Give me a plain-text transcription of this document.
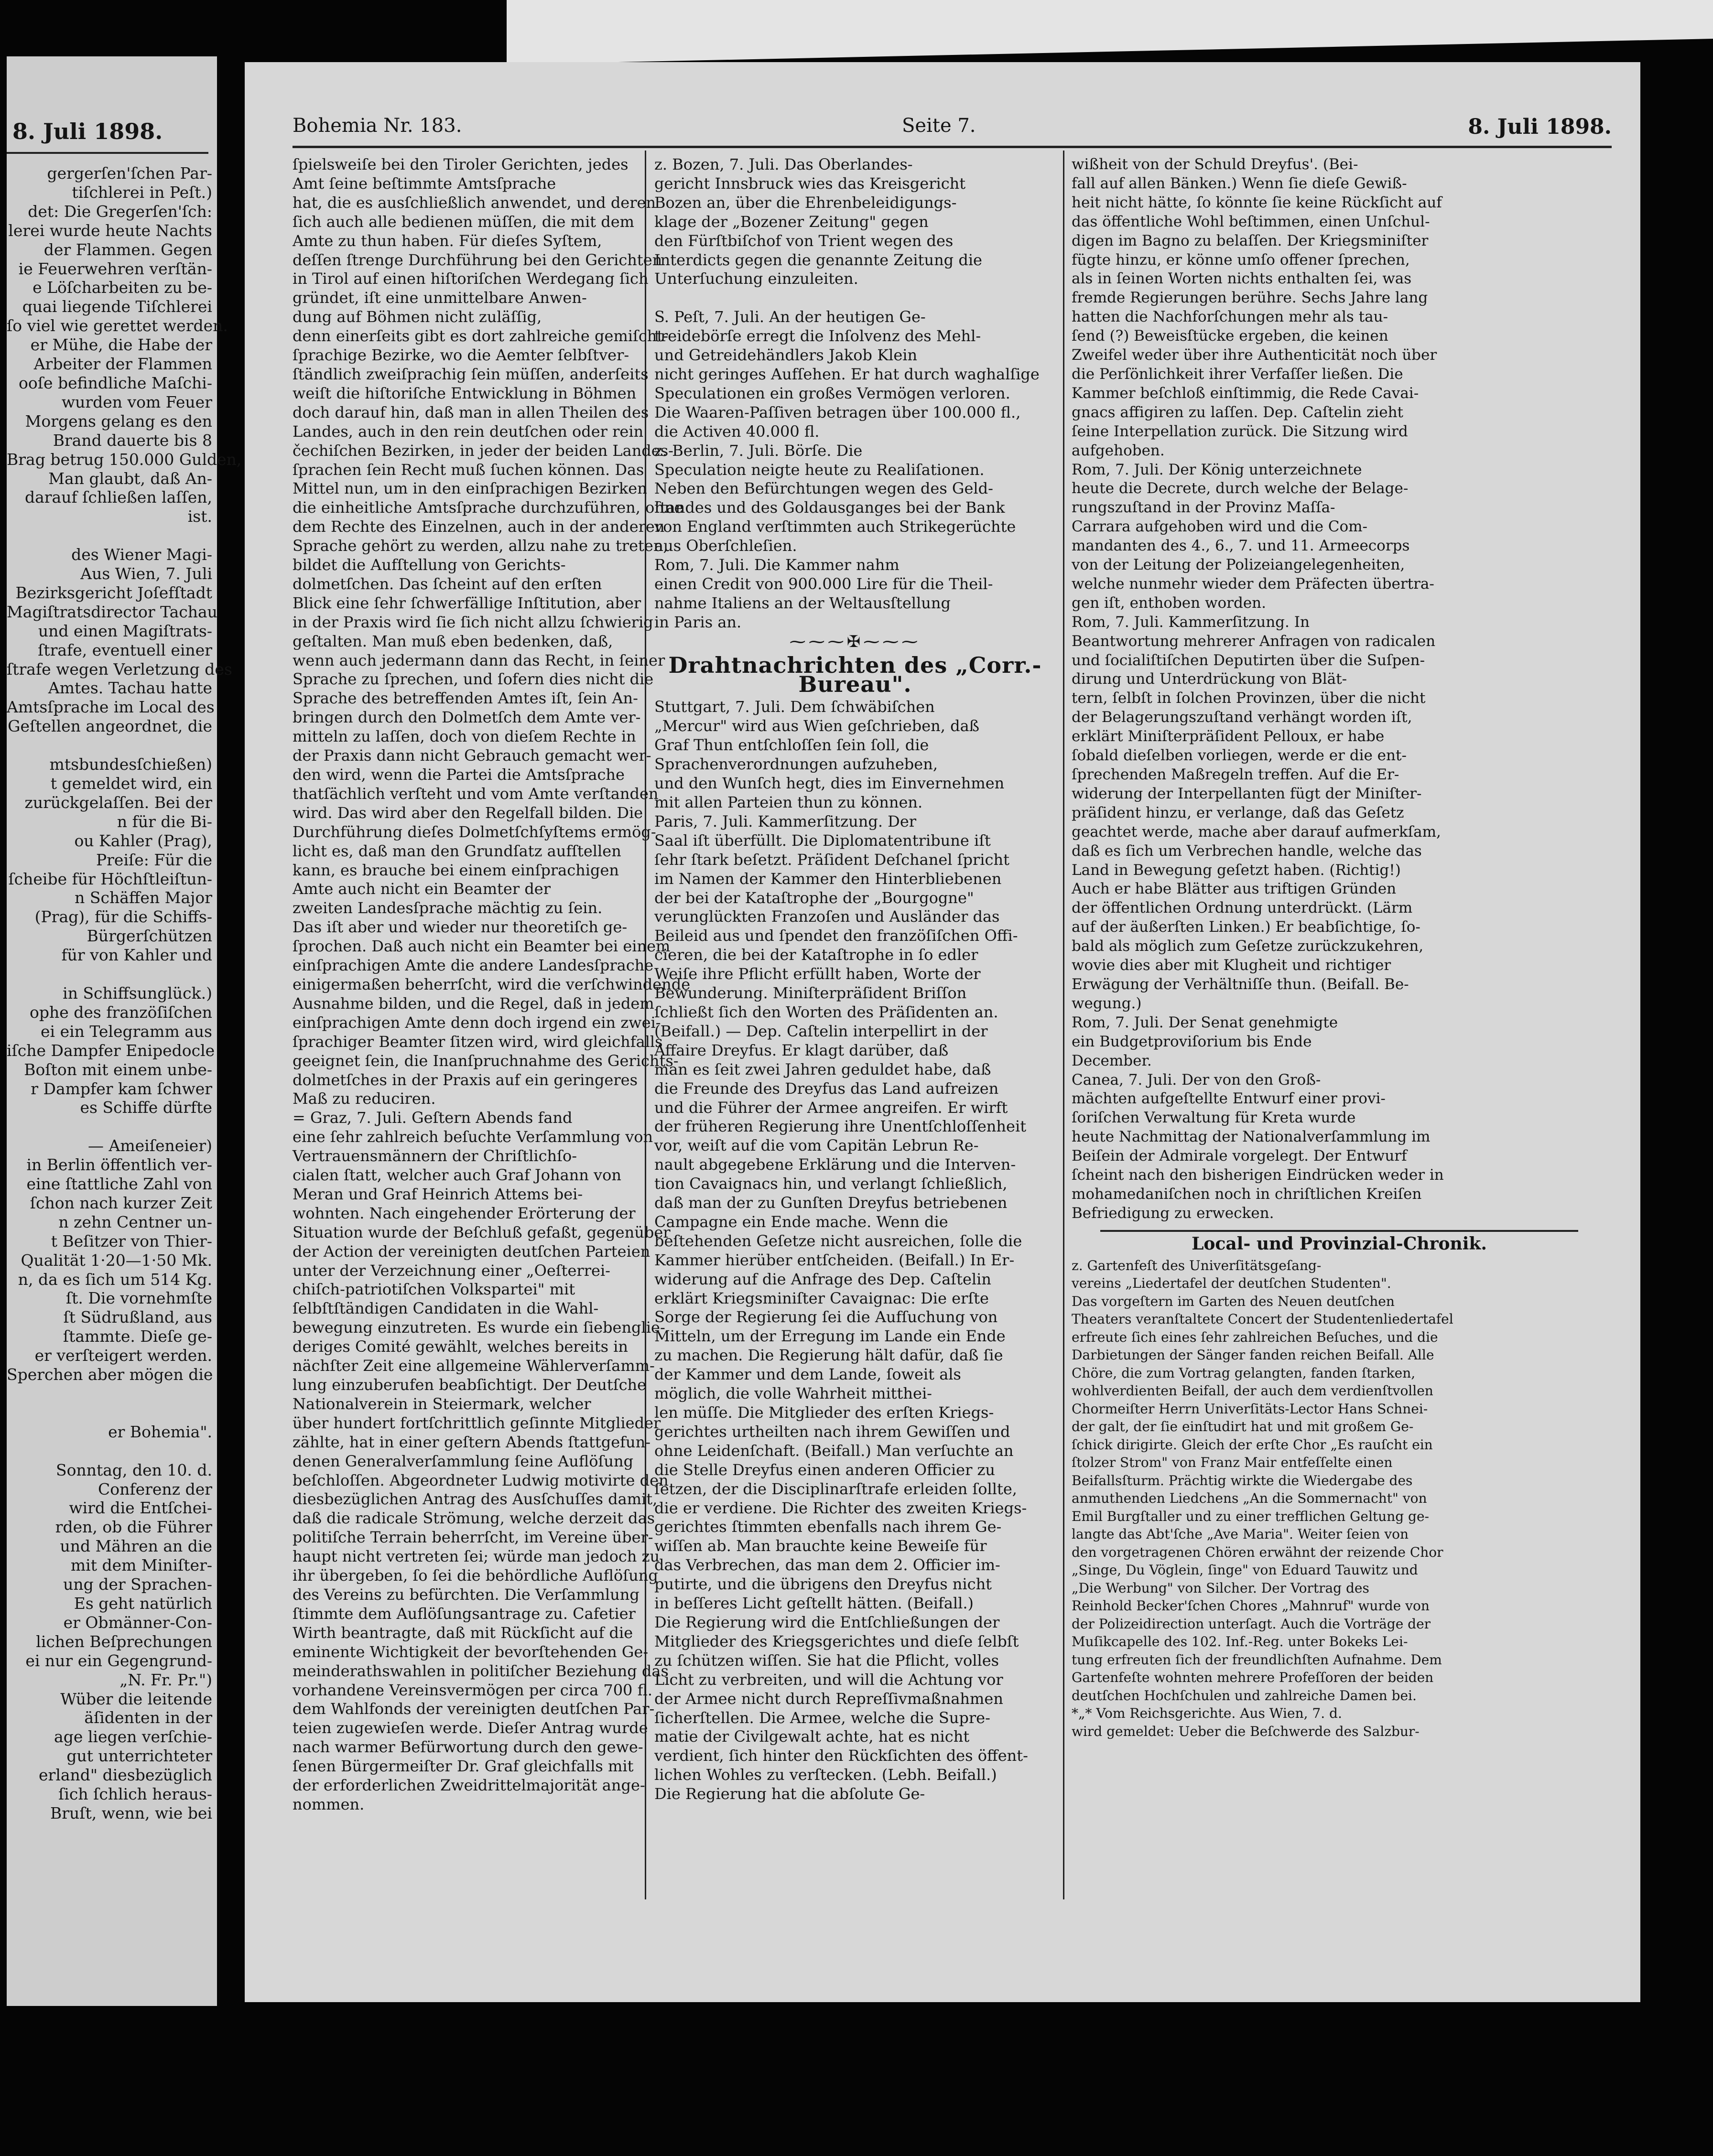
8. Juli 1898.
gergerſen'ſchen Par-
tiſchlerei in Peſt.)
det: Die Gregerſen'ſch:
lerei wurde heute Nachts
der Flammen. Gegen
ie Feuerwehren verſtän-
e Löſcharbeiten zu be-
quai liegende Tiſchlerei
ſo viel wie gerettet werden.
er Mühe, die Habe der
Arbeiter der Flammen
ooſe befindliche Maſchi-
wurden vom Feuer
Morgens gelang es den
Brand dauerte bis 8
Brag betrug 150.000 Gulden,
Man glaubt, daß An-
darauf ſchließen laſſen,
ist.

des Wiener Magi-
Aus Wien, 7. Juli
Bezirksgericht Joſefſtadt
Magiſtratsdirector Tachau
und einen Magiſtrats-
ſtrafe, eventuell einer
ſtrafe wegen Verletzung des
Amtes. Tachau hatte
Amtsſprache im Local des
Geſtellen angeordnet, die

mtsbundesſchießen)
t gemeldet wird, ein
zurückgelaſſen. Bei der
n für die Bi-
ou Kahler (Prag),
Preiſe: Für die
ſcheibe für Höchſtleiſtun-
n Schäffen Major
(Prag), für die Schiffs-
Bürgerſchützen
für von Kahler und

in Schiffsunglück.)
ophe des franzöſiſchen
ei ein Telegramm aus
iſche Dampfer Enipedocle
Boſton mit einem unbe-
r Dampfer kam ſchwer
es Schiffe dürfte

— Ameiſeneier)
in Berlin öffentlich ver-
eine ſtattliche Zahl von
ſchon nach kurzer Zeit
n zehn Centner un-
t Beſitzer von Thier-
Qualität 1·20—1·50 Mk.
n, da es ſich um 514 Kg.
ſt. Die vornehmſte
ſt Südrußland, aus
ſtammte. Dieſe ge-
er verſteigert werden.
Sperchen aber mögen die

er Bohemia".

Sonntag, den 10. d.
Conferenz der
wird die Entſchei-
rden, ob die Führer
und Mähren an die
mit dem Miniſter-
ung der Sprachen-
Es geht natürlich
er Obmänner-Con-
lichen Beſprechungen
ei nur ein Gegengrund-
„N. Fr. Pr.")
Wüber die leitende
äſidenten in der
age liegen verſchie-
gut unterrichteter
erland" diesbezüglich
ſich ſchlich heraus-
Bruſt, wenn, wie bei
Bohemia Nr. 183.	Seite 7.	8. Juli 1898.
ſpielsweiſe bei den Tiroler Gerichten, jedes
Amt ſeine beſtimmte Amtsſprache
hat, die es ausſchließlich anwendet, und deren
ſich auch alle bedienen müſſen, die mit dem
Amte zu thun haben. Für dieſes Syſtem,
deſſen ſtrenge Durchführung bei den Gerichten
in Tirol auf einen hiſtoriſchen Werdegang ſich
gründet, iſt eine unmittelbare Anwen-
dung auf Böhmen nicht zuläſſig,
denn einerſeits gibt es dort zahlreiche gemiſcht-
ſprachige Bezirke, wo die Aemter ſelbſtver-
ſtändlich zweiſprachig ſein müſſen, anderſeits
weiſt die hiſtoriſche Entwicklung in Böhmen
doch darauf hin, daß man in allen Theilen des
Landes, auch in den rein deutſchen oder rein
čechiſchen Bezirken, in jeder der beiden Landes-
ſprachen ſein Recht muß ſuchen können. Das
Mittel nun, um in den einſprachigen Bezirken
die einheitliche Amtsſprache durchzuführen, ohne
dem Rechte des Einzelnen, auch in der anderen
Sprache gehört zu werden, allzu nahe zu treten,
bildet die Aufſtellung von Gerichts-
dolmetſchen. Das ſcheint auf den erſten
Blick eine ſehr ſchwerfällige Inſtitution, aber
in der Praxis wird ſie ſich nicht allzu ſchwierig
geſtalten. Man muß eben bedenken, daß,
wenn auch jedermann dann das Recht, in ſeiner
Sprache zu ſprechen, und ſofern dies nicht die
Sprache des betreffenden Amtes iſt, ſein An-
bringen durch den Dolmetſch dem Amte ver-
mitteln zu laſſen, doch von dieſem Rechte in
der Praxis dann nicht Gebrauch gemacht wer-
den wird, wenn die Partei die Amtsſprache
thatſächlich verſteht und vom Amte verſtanden
wird. Das wird aber den Regelfall bilden. Die
Durchführung dieſes Dolmetſchſyſtems ermög-
licht es, daß man den Grundſatz aufſtellen
kann, es brauche bei einem einſprachigen
Amte auch nicht ein Beamter der
zweiten Landesſprache mächtig zu ſein.
Das iſt aber und wieder nur theoretiſch ge-
ſprochen. Daß auch nicht ein Beamter bei einem
einſprachigen Amte die andere Landesſprache
einigermaßen beherrſcht, wird die verſchwindende
Ausnahme bilden, und die Regel, daß in jedem
einſprachigen Amte denn doch irgend ein zwei-
ſprachiger Beamter ſitzen wird, wird gleichfalls
geeignet ſein, die Inanſpruchnahme des Gerichts-
dolmetſches in der Praxis auf ein geringeres
Maß zu reduciren.
= Graz, 7. Juli. Geſtern Abends fand
eine ſehr zahlreich beſuchte Verſammlung von
Vertrauensmännern der Chriſtlichſo-
cialen ſtatt, welcher auch Graf Johann von
Meran und Graf Heinrich Attems bei-
wohnten. Nach eingehender Erörterung der
Situation wurde der Beſchluß gefaßt, gegenüber
der Action der vereinigten deutſchen Parteien
unter der Verzeichnung einer „Oeſterrei-
chiſch-patriotiſchen Volkspartei" mit
ſelbſtſtändigen Candidaten in die Wahl-
bewegung einzutreten. Es wurde ein ſiebenglie-
deriges Comité gewählt, welches bereits in
nächſter Zeit eine allgemeine Wählerverſamm-
lung einzuberufen beabſichtigt. Der Deutſche
Nationalverein in Steiermark, welcher
über hundert fortſchrittlich geſinnte Mitglieder
zählte, hat in einer geſtern Abends ſtattgefun-
denen Generalverſammlung ſeine Auflöſung
beſchloſſen. Abgeordneter Ludwig motivirte den
diesbezüglichen Antrag des Ausſchuſſes damit,
daß die radicale Strömung, welche derzeit das
politiſche Terrain beherrſcht, im Vereine über-
haupt nicht vertreten ſei; würde man jedoch zu
ihr übergeben, ſo ſei die behördliche Auflöſung
des Vereins zu befürchten. Die Verſammlung
ſtimmte dem Auflöſungsantrage zu. Cafetier
Wirth beantragte, daß mit Rückſicht auf die
eminente Wichtigkeit der bevorſtehenden Ge-
meinderathswahlen in politiſcher Beziehung das
vorhandene Vereinsvermögen per circa 700 fl.
dem Wahlfonds der vereinigten deutſchen Par-
teien zugewieſen werde. Dieſer Antrag wurde
nach warmer Befürwortung durch den gewe-
ſenen Bürgermeiſter Dr. Graf gleichfalls mit
der erforderlichen Zweidrittelmajorität ange-
nommen.
z. Bozen, 7. Juli. Das Oberlandes-
gericht Innsbruck wies das Kreisgericht
Bozen an, über die Ehrenbeleidigungs-
klage der „Bozener Zeitung" gegen
den Fürſtbiſchof von Trient wegen des
Interdicts gegen die genannte Zeitung die
Unterſuchung einzuleiten.

S. Peſt, 7. Juli. An der heutigen Ge-
treidebörſe erregt die Inſolvenz des Mehl-
und Getreidehändlers Jakob Klein
nicht geringes Aufſehen. Er hat durch waghalſige
Speculationen ein großes Vermögen verloren.
Die Waaren-Paſſiven betragen über 100.000 fl.,
die Activen 40.000 fl.
z. Berlin, 7. Juli. Börſe. Die
Speculation neigte heute zu Realiſationen.
Neben den Befürchtungen wegen des Geld-
ſtandes und des Goldausganges bei der Bank
von England verſtimmten auch Strikegerüchte
aus Oberſchleſien.
Rom, 7. Juli. Die Kammer nahm
einen Credit von 900.000 Lire für die Theil-
nahme Italiens an der Weltausſtellung
in Paris an.
⁓⁓⁓✠⁓⁓⁓
Drahtnachrichten des „Corr.-Bureau".
Stuttgart, 7. Juli. Dem ſchwäbiſchen
„Mercur" wird aus Wien geſchrieben, daß
Graf Thun entſchloſſen ſein ſoll, die
Sprachenverordnungen aufzuheben,
und den Wunſch hegt, dies im Einvernehmen
mit allen Parteien thun zu können.
Paris, 7. Juli. Kammerſitzung. Der
Saal iſt überfüllt. Die Diplomatentribune iſt
ſehr ſtark beſetzt. Präſident Deſchanel ſpricht
im Namen der Kammer den Hinterbliebenen
der bei der Kataſtrophe der „Bourgogne"
verunglückten Franzoſen und Ausländer das
Beileid aus und ſpendet den franzöſiſchen Offi-
cieren, die bei der Kataſtrophe in ſo edler
Weiſe ihre Pflicht erfüllt haben, Worte der
Bewunderung. Miniſterpräſident Briſſon
ſchließt ſich den Worten des Präſidenten an.
(Beifall.) — Dep. Caſtelin interpellirt in der
Affaire Dreyfus. Er klagt darüber, daß
man es ſeit zwei Jahren geduldet habe, daß
die Freunde des Dreyfus das Land aufreizen
und die Führer der Armee angreifen. Er wirft
der früheren Regierung ihre Unentſchloſſenheit
vor, weiſt auf die vom Capitän Lebrun Re-
nault abgegebene Erklärung und die Interven-
tion Cavaignacs hin, und verlangt ſchließlich,
daß man der zu Gunſten Dreyfus betriebenen
Campagne ein Ende mache. Wenn die
beſtehenden Geſetze nicht ausreichen, ſolle die
Kammer hierüber entſcheiden. (Beifall.) In Er-
widerung auf die Anfrage des Dep. Caſtelin
erklärt Kriegsminiſter Cavaignac: Die erſte
Sorge der Regierung ſei die Aufſuchung von
Mitteln, um der Erregung im Lande ein Ende
zu machen. Die Regierung hält dafür, daß ſie
der Kammer und dem Lande, ſoweit als
möglich, die volle Wahrheit mitthei-
len müſſe. Die Mitglieder des erſten Kriegs-
gerichtes urtheilten nach ihrem Gewiſſen und
ohne Leidenſchaft. (Beifall.) Man verſuchte an
die Stelle Dreyfus einen anderen Officier zu
ſetzen, der die Disciplinarſtrafe erleiden ſollte,
die er verdiene. Die Richter des zweiten Kriegs-
gerichtes ſtimmten ebenfalls nach ihrem Ge-
wiſſen ab. Man brauchte keine Beweiſe für
das Verbrechen, das man dem 2. Officier im-
putirte, und die übrigens den Dreyfus nicht
in beſſeres Licht geſtellt hätten. (Beifall.)
Die Regierung wird die Entſchließungen der
Mitglieder des Kriegsgerichtes und dieſe ſelbſt
zu ſchützen wiſſen. Sie hat die Pflicht, volles
Licht zu verbreiten, und will die Achtung vor
der Armee nicht durch Repreſſivmaßnahmen
ſicherſtellen. Die Armee, welche die Supre-
matie der Civilgewalt achte, hat es nicht
verdient, ſich hinter den Rückſichten des öffent-
lichen Wohles zu verſtecken. (Lebh. Beifall.)
Die Regierung hat die abſolute Ge-
wißheit von der Schuld Dreyfus'. (Bei-
fall auf allen Bänken.) Wenn ſie dieſe Gewiß-
heit nicht hätte, ſo könnte ſie keine Rückſicht auf
das öffentliche Wohl beſtimmen, einen Unſchul-
digen im Bagno zu belaſſen. Der Kriegsminiſter
fügte hinzu, er könne umſo offener ſprechen,
als in ſeinen Worten nichts enthalten ſei, was
fremde Regierungen berühre. Sechs Jahre lang
hatten die Nachforſchungen mehr als tau-
ſend (?) Beweisſtücke ergeben, die keinen
Zweifel weder über ihre Authenticität noch über
die Perſönlichkeit ihrer Verfaſſer ließen. Die
Kammer beſchloß einſtimmig, die Rede Cavai-
gnacs affigiren zu laſſen. Dep. Caſtelin zieht
ſeine Interpellation zurück. Die Sitzung wird
aufgehoben.
Rom, 7. Juli. Der König unterzeichnete
heute die Decrete, durch welche der Belage-
rungszuſtand in der Provinz Maſſa-
Carrara aufgehoben wird und die Com-
mandanten des 4., 6., 7. und 11. Armeecorps
von der Leitung der Polizeiangelegenheiten,
welche nunmehr wieder dem Präfecten übertra-
gen iſt, enthoben worden.
Rom, 7. Juli. Kammerſitzung. In
Beantwortung mehrerer Anfragen von radicalen
und ſocialiſtiſchen Deputirten über die Suſpen-
dirung und Unterdrückung von Blät-
tern, ſelbſt in ſolchen Provinzen, über die nicht
der Belagerungszuſtand verhängt worden iſt,
erklärt Miniſterpräſident Pelloux, er habe
ſobald dieſelben vorliegen, werde er die ent-
ſprechenden Maßregeln treffen. Auf die Er-
widerung der Interpellanten fügt der Miniſter-
präſident hinzu, er verlange, daß das Geſetz
geachtet werde, mache aber darauf aufmerkſam,
daß es ſich um Verbrechen handle, welche das
Land in Bewegung geſetzt haben. (Richtig!)
Auch er habe Blätter aus triftigen Gründen
der öffentlichen Ordnung unterdrückt. (Lärm
auf der äußerſten Linken.) Er beabſichtige, ſo-
bald als möglich zum Geſetze zurückzukehren,
wovie dies aber mit Klugheit und richtiger
Erwägung der Verhältniſſe thun. (Beifall. Be-
wegung.)
Rom, 7. Juli. Der Senat genehmigte
ein Budgetproviſorium bis Ende
December.
Canea, 7. Juli. Der von den Groß-
mächten aufgeſtellte Entwurf einer provi-
ſoriſchen Verwaltung für Kreta wurde
heute Nachmittag der Nationalverſammlung im
Beiſein der Admirale vorgelegt. Der Entwurf
ſcheint nach den bisherigen Eindrücken weder in
mohamedaniſchen noch in chriſtlichen Kreiſen
Befriedigung zu erwecken.
Local- und Provinzial-Chronik.
z. Gartenfeſt des Univerſitätsgeſang-
vereins „Liedertafel der deutſchen Studenten".
Das vorgeſtern im Garten des Neuen deutſchen
Theaters veranſtaltete Concert der Studentenliedertafel
erfreute ſich eines ſehr zahlreichen Beſuches, und die
Darbietungen der Sänger fanden reichen Beifall. Alle
Chöre, die zum Vortrag gelangten, fanden ſtarken,
wohlverdienten Beifall, der auch dem verdienſtvollen
Chormeiſter Herrn Univerſitäts-Lector Hans Schnei-
der galt, der ſie einſtudirt hat und mit großem Ge-
ſchick dirigirte. Gleich der erſte Chor „Es rauſcht ein
ſtolzer Strom" von Franz Mair entfeſſelte einen
Beifallsſturm. Prächtig wirkte die Wiedergabe des
anmuthenden Liedchens „An die Sommernacht" von
Emil Burgſtaller und zu einer trefflichen Geltung ge-
langte das Abt'ſche „Ave Maria". Weiter ſeien von
den vorgetragenen Chören erwähnt der reizende Chor
„Singe, Du Vöglein, ſinge" von Eduard Tauwitz und
„Die Werbung" von Silcher. Der Vortrag des
Reinhold Becker'ſchen Chores „Mahnruf" wurde von
der Polizeidirection unterſagt. Auch die Vorträge der
Muſikcapelle des 102. Inf.-Reg. unter Bokeks Lei-
tung erfreuten ſich der freundlichſten Aufnahme. Dem
Gartenfeſte wohnten mehrere Profeſſoren der beiden
deutſchen Hochſchulen und zahlreiche Damen bei.
*„* Vom Reichsgerichte. Aus Wien, 7. d.
wird gemeldet: Ueber die Beſchwerde des Salzbur-
